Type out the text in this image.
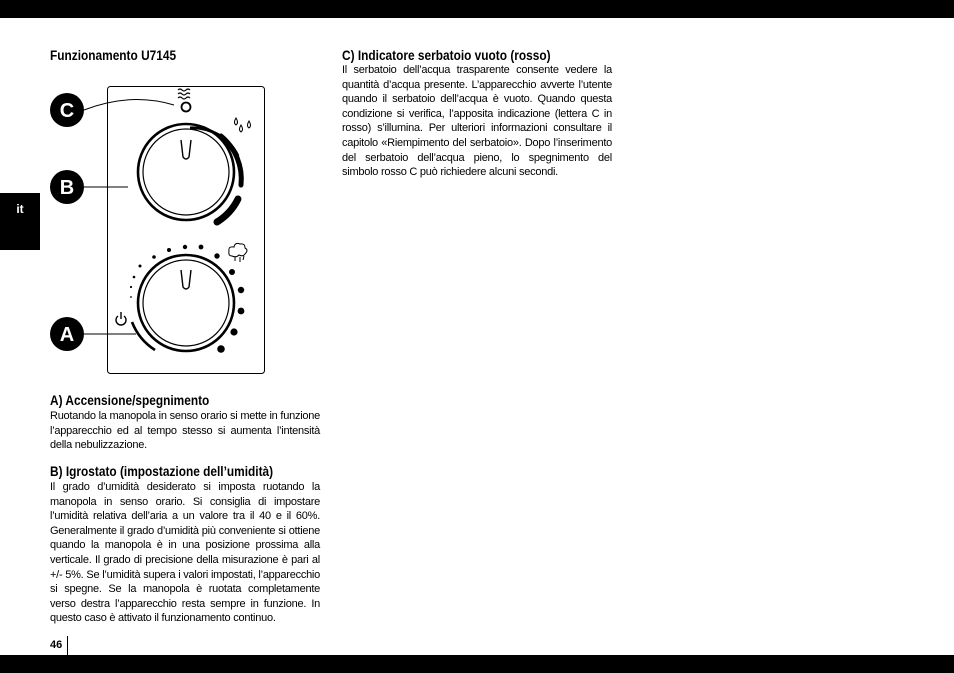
it
Funzionamento U7145
C
B
A
A) Accensione/spegnimento
Ruotando la manopola in senso orario si mette in funzione l’apparecchio ed al tempo stesso si aumenta l’intensità della nebulizzazione.
B) Igrostato (impostazione dell’umidità)
Il grado d’umidità desiderato si imposta ruotando la manopola in senso orario. Si consiglia di impostare l’umidità relativa dell’aria a un valore tra il 40 e il 60%. Generalmente il grado d’umidità più conveniente si ottiene quando la manopola è in una posizione prossima alla verticale. Il grado di precisione della misurazione è pari al +/- 5%. Se l’umidità supera i valori impostati, l’apparecchio si spegne. Se la manopola è ruotata completamente verso destra l’apparecchio resta sempre in funzione. In questo caso è attivato il funzionamento continuo.
C) Indicatore serbatoio vuoto (rosso)
Il serbatoio dell’acqua trasparente consente vedere la quantità d’acqua presente. L’apparecchio avverte l’utente quando il serbatoio dell’acqua è vuoto. Quando questa condizione si verifica, l’apposita indicazione (lettera C in rosso) s’illumina. Per ulteriori informazioni consultare il capitolo «Riempimento del serbatoio». Dopo l’inserimento del serbatoio dell’acqua pieno, lo spegnimento del simbolo rosso C può richiedere alcuni secondi.
46
